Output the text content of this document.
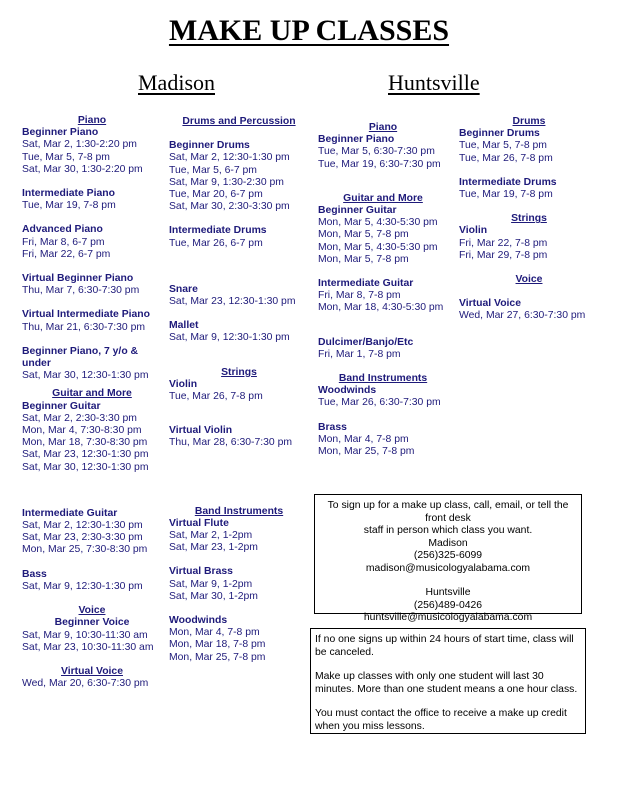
MAKE UP CLASSES
Madison	Huntsville
Piano
Beginner Piano
Sat, Mar 2, 1:30-2:20 pm
Tue, Mar 5, 7-8 pm
Sat, Mar 30, 1:30-2:20 pm
Intermediate Piano
Tue, Mar 19, 7-8 pm
Advanced Piano
Fri, Mar 8, 6-7 pm
Fri, Mar 22, 6-7 pm
Virtual Beginner Piano
Thu, Mar 7, 6:30-7:30 pm
Virtual Intermediate Piano
Thu, Mar 21, 6:30-7:30 pm
Beginner Piano, 7 y/o &
under
Sat, Mar 30, 12:30-1:30 pm
Guitar and More
Beginner Guitar
Sat, Mar 2, 2:30-3:30 pm
Mon, Mar 4, 7:30-8:30 pm
Mon, Mar 18, 7:30-8:30 pm
Sat, Mar 23, 12:30-1:30 pm
Sat, Mar 30, 12:30-1:30 pm
Intermediate Guitar
Sat, Mar 2, 12:30-1:30 pm
Sat, Mar 23, 2:30-3:30 pm
Mon, Mar 25, 7:30-8:30 pm
Bass
Sat, Mar 9, 12:30-1:30 pm
Voice
Beginner Voice
Sat, Mar 9, 10:30-11:30 am
Sat, Mar 23, 10:30-11:30 am
Virtual Voice
Wed, Mar 20, 6:30-7:30 pm
Drums and Percussion
Beginner Drums
Sat, Mar 2, 12:30-1:30 pm
Tue, Mar 5, 6-7 pm
Sat, Mar 9, 1:30-2:30 pm
Tue, Mar 20, 6-7 pm
Sat, Mar 30, 2:30-3:30 pm
Intermediate Drums
Tue, Mar 26, 6-7 pm
Snare
Sat, Mar 23, 12:30-1:30 pm
Mallet
Sat, Mar 9, 12:30-1:30 pm
Strings
Violin
Tue, Mar 26, 7-8 pm
Virtual Violin
Thu, Mar 28, 6:30-7:30 pm
Band Instruments
Virtual Flute
Sat, Mar 2, 1-2pm
Sat, Mar 23, 1-2pm
Virtual Brass
Sat, Mar 9, 1-2pm
Sat, Mar 30, 1-2pm
Woodwinds
Mon, Mar 4, 7-8 pm
Mon, Mar 18, 7-8 pm
Mon, Mar 25, 7-8 pm
Piano
Beginner Piano
Tue, Mar 5, 6:30-7:30 pm
Tue, Mar 19, 6:30-7:30 pm
Guitar and More
Beginner Guitar
Mon, Mar 5, 4:30-5:30 pm
Mon, Mar 5, 7-8 pm
Mon, Mar 5, 4:30-5:30 pm
Mon, Mar 5, 7-8 pm
Intermediate Guitar
Fri, Mar 8, 7-8 pm
Mon, Mar 18, 4:30-5:30 pm
Dulcimer/Banjo/Etc
Fri, Mar 1, 7-8 pm
Band Instruments
Woodwinds
Tue, Mar 26, 6:30-7:30 pm
Brass
Mon, Mar 4, 7-8 pm
Mon, Mar 25, 7-8 pm
Drums
Beginner Drums
Tue, Mar 5, 7-8 pm
Tue, Mar 26, 7-8 pm
Intermediate Drums
Tue, Mar 19, 7-8 pm
Strings
Violin
Fri, Mar 22, 7-8 pm
Fri, Mar 29, 7-8 pm
Voice
Virtual Voice
Wed, Mar 27, 6:30-7:30 pm
To sign up for a make up class, call, email, or tell the front desk
staff in person which class you want.
Madison
(256)325-6099
madison@musicologyalabama.com
Huntsville
(256)489-0426
huntsville@musicologyalabama.com

If no one signs up within 24 hours of start time, class will be canceled.

Make up classes with only one student will last 30 minutes. More than one student means a one hour class.

You must contact the office to receive a make up credit when you miss lessons.
